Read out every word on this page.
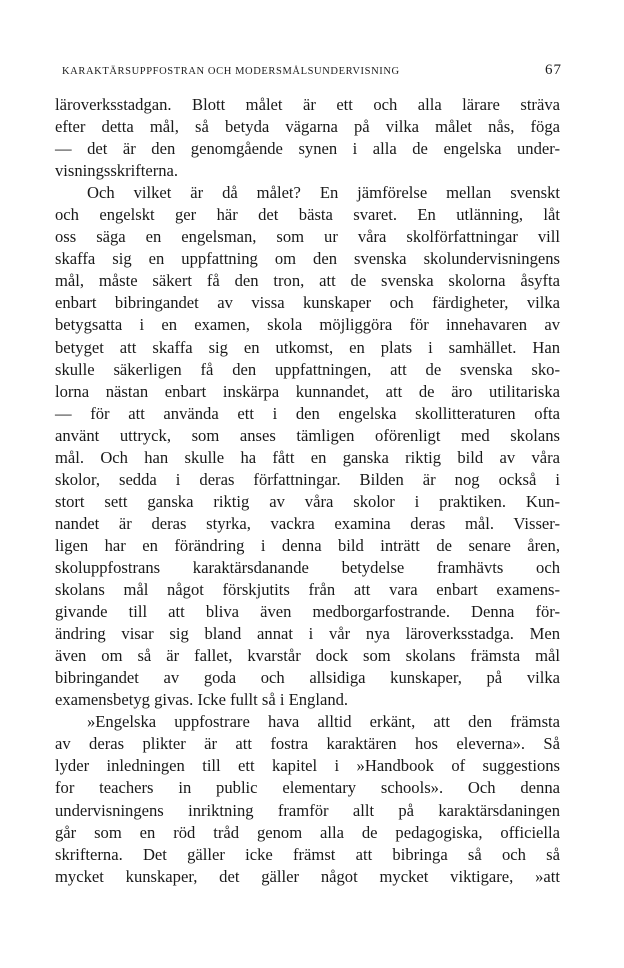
KARAKTÄRSUPPFOSTRAN OCH MODERSMÅLSUNDERVISNING	67
läroverksstadgan. Blott målet är ett och alla lärare sträva
efter detta mål, så betyda vägarna på vilka målet nås, föga
— det är den genomgående synen i alla de engelska under-
visningsskrifterna.
Och vilket är då målet? En jämförelse mellan svenskt
och engelskt ger här det bästa svaret. En utlänning, låt
oss säga en engelsman, som ur våra skolförfattningar vill
skaffa sig en uppfattning om den svenska skolundervisningens
mål, måste säkert få den tron, att de svenska skolorna åsyfta
enbart bibringandet av vissa kunskaper och färdigheter, vilka
betygsatta i en examen, skola möjliggöra för innehavaren av
betyget att skaffa sig en utkomst, en plats i samhället. Han
skulle säkerligen få den uppfattningen, att de svenska sko-
lorna nästan enbart inskärpa kunnandet, att de äro utilitariska
— för att använda ett i den engelska skollitteraturen ofta
använt uttryck, som anses tämligen oförenligt med skolans
mål. Och han skulle ha fått en ganska riktig bild av våra
skolor, sedda i deras författningar. Bilden är nog också i
stort sett ganska riktig av våra skolor i praktiken. Kun-
nandet är deras styrka, vackra examina deras mål. Visser-
ligen har en förändring i denna bild inträtt de senare åren,
skoluppfostrans karaktärsdanande betydelse framhävts och
skolans mål något förskjutits från att vara enbart examens-
givande till att bliva även medborgarfostrande. Denna för-
ändring visar sig bland annat i vår nya läroverksstadga. Men
även om så är fallet, kvarstår dock som skolans främsta mål
bibringandet av goda och allsidiga kunskaper, på vilka
examensbetyg givas. Icke fullt så i England.
»Engelska uppfostrare hava alltid erkänt, att den främsta
av deras plikter är att fostra karaktären hos eleverna». Så
lyder inledningen till ett kapitel i »Handbook of suggestions
for teachers in public elementary schools». Och denna
undervisningens inriktning framför allt på karaktärsdaningen
går som en röd tråd genom alla de pedagogiska, officiella
skrifterna. Det gäller icke främst att bibringa så och så
mycket kunskaper, det gäller något mycket viktigare, »att
